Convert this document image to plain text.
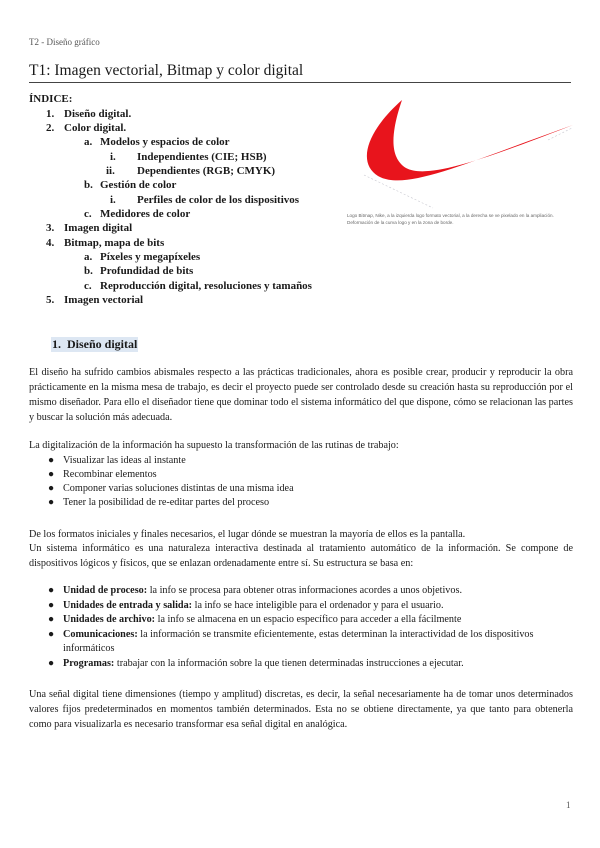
T2 - Diseño gráfico
T1: Imagen vectorial, Bitmap y color digital
ÍNDICE:
1. Diseño digital.
2. Color digital.
a. Modelos y espacios de color
i. Independientes (CIE; HSB)
ii. Dependientes (RGB; CMYK)
b. Gestión de color
i. Perfiles de color de los dispositivos
c. Medidores de color
3. Imagen digital
4. Bitmap, mapa de bits
a. Píxeles y megapíxeles
b. Profundidad de bits
c. Reproducción digital, resoluciones y tamaños
5. Imagen vectorial
Logo Bitmap, Nike, a la izquierda logo formato vectorial, a la derecha se ve pixelado en la ampliación. Deformación de la curva logo y en la zona de borde.
1. Diseño digital

El diseño ha sufrido cambios abismales respecto a las prácticas tradicionales, ahora es posible crear, producir y reproducir la obra prácticamente en la misma mesa de trabajo, es decir el proyecto puede ser controlado desde su creación hasta su reproducción por el mismo diseñador. Para ello el diseñador tiene que dominar todo el sistema informático del que dispone, cómo se relacionan las partes y buscar la solución más adecuada.

La digitalización de la información ha supuesto la transformación de las rutinas de trabajo:

● Visualizar las ideas al instante
● Recombinar elementos
● Componer varias soluciones distintas de una misma idea
● Tener la posibilidad de re-editar partes del proceso

De los formatos iniciales y finales necesarios, el lugar dónde se muestran la mayoría de ellos es la pantalla.

Un sistema informático es una naturaleza interactiva destinada al tratamiento automático de la información. Se compone de dispositivos lógicos y físicos, que se enlazan ordenadamente entre sí. Su estructura se basa en:

● Unidad de proceso: la info se procesa para obtener otras informaciones acordes a unos objetivos.
● Unidades de entrada y salida: la info se hace inteligible para el ordenador y para el usuario.
● Unidades de archivo: la info se almacena en un espacio específico para acceder a ella fácilmente
● Comunicaciones: la información se transmite eficientemente, estas determinan la interactividad de los dispositivos informáticos
● Programas: trabajar con la información sobre la que tienen determinadas instrucciones a ejecutar.

Una señal digital tiene dimensiones (tiempo y amplitud) discretas, es decir, la señal necesariamente ha de tomar unos determinados valores fijos predeterminados en momentos también determinados. Esta no se obtiene directamente, ya que tanto para obtenerla como para visualizarla es necesario transformar esa señal digital en analógica.

1
